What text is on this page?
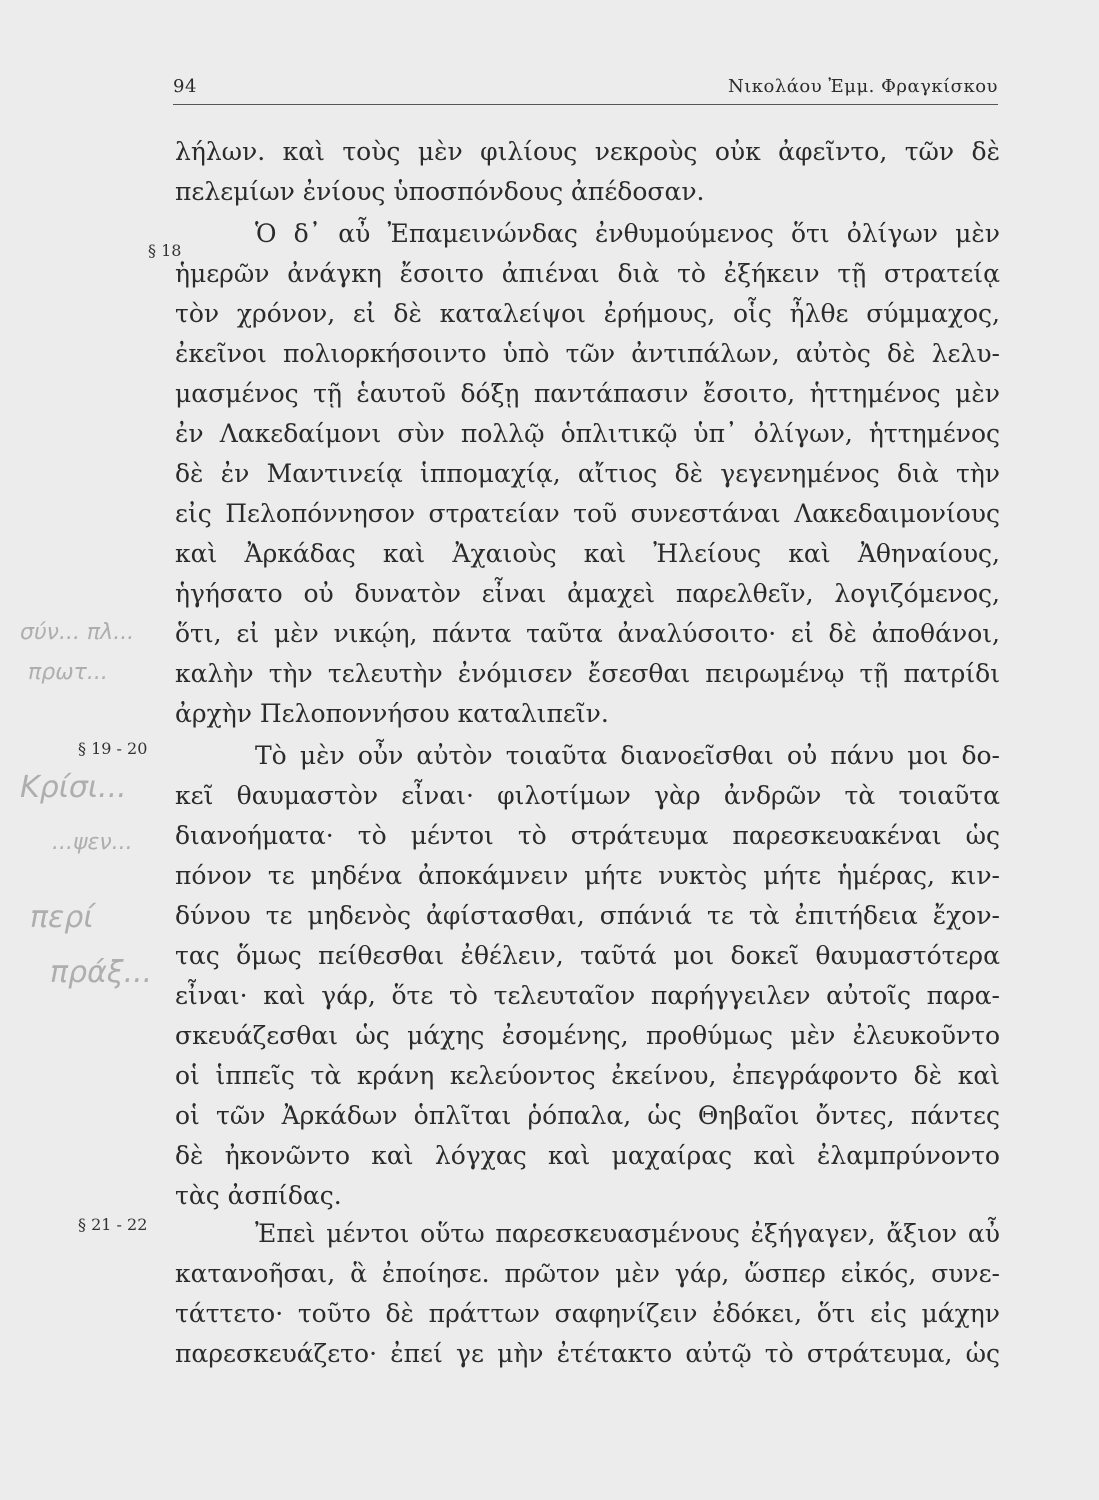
94	Νικολάου Ἐμμ. Φραγκίσκου
§ 18
§ 19 - 20
§ 21 - 22
σύν... πλ...
πρωτ...
Κρίσι...
...ψεν...
περί
πράξ...
λήλων. καὶ τοὺς μὲν φιλίους νεκροὺς οὐκ ἀφεῖντο, τῶν δὲ
πελεμίων ἐνίους ὑποσπόνδους ἀπέδοσαν.
Ὁ δ᾽ αὖ Ἐπαμεινώνδας ἐνθυμούμενος ὅτι ὀλίγων μὲν
ἡμερῶν ἀνάγκη ἔσοιτο ἀπιέναι διὰ τὸ ἐξήκειν τῇ στρατείᾳ
τὸν χρόνον, εἰ δὲ καταλείψοι ἐρήμους, οἷς ἦλθε σύμμαχος,
ἐκεῖνοι πολιορκήσοιντο ὑπὸ τῶν ἀντιπάλων, αὐτὸς δὲ λελυ-
μασμένος τῇ ἑαυτοῦ δόξῃ παντάπασιν ἔσοιτο, ἡττημένος μὲν
ἐν Λακεδαίμονι σὺν πολλῷ ὁπλιτικῷ ὑπ᾽ ὀλίγων, ἡττημένος
δὲ ἐν Μαντινείᾳ ἱππομαχίᾳ, αἴτιος δὲ γεγενημένος διὰ τὴν
εἰς Πελοπόννησον στρατείαν τοῦ συνεστάναι Λακεδαιμονίους
καὶ Ἀρκάδας καὶ Ἀχαιοὺς καὶ Ἠλείους καὶ Ἀθηναίους,
ἡγήσατο οὐ δυνατὸν εἶναι ἀμαχεὶ παρελθεῖν, λογιζόμενος,
ὅτι, εἰ μὲν νικῴη, πάντα ταῦτα ἀναλύσοιτο· εἰ δὲ ἀποθάνοι,
καλὴν τὴν τελευτὴν ἐνόμισεν ἔσεσθαι πειρωμένῳ τῇ πατρίδι
ἀρχὴν Πελοποννήσου καταλιπεῖν.
Τὸ μὲν οὖν αὐτὸν τοιαῦτα διανοεῖσθαι οὐ πάνυ μοι δο-
κεῖ θαυμαστὸν εἶναι· φιλοτίμων γὰρ ἀνδρῶν τὰ τοιαῦτα
διανοήματα· τὸ μέντοι τὸ στράτευμα παρεσκευακέναι ὡς
πόνον τε μηδένα ἀποκάμνειν μήτε νυκτὸς μήτε ἡμέρας, κιν-
δύνου τε μηδενὸς ἀφίστασθαι, σπάνιά τε τὰ ἐπιτήδεια ἔχον-
τας ὅμως πείθεσθαι ἐθέλειν, ταῦτά μοι δοκεῖ θαυμαστότερα
εἶναι· καὶ γάρ, ὅτε τὸ τελευταῖον παρήγγειλεν αὐτοῖς παρα-
σκευάζεσθαι ὡς μάχης ἐσομένης, προθύμως μὲν ἐλευκοῦντο
οἱ ἱππεῖς τὰ κράνη κελεύοντος ἐκείνου, ἐπεγράφοντο δὲ καὶ
οἱ τῶν Ἀρκάδων ὁπλῖται ῥόπαλα, ὡς Θηβαῖοι ὄντες, πάντες
δὲ ἠκονῶντο καὶ λόγχας καὶ μαχαίρας καὶ ἐλαμπρύνοντο
τὰς ἀσπίδας.
Ἐπεὶ μέντοι οὕτω παρεσκευασμένους ἐξήγαγεν, ἄξιον αὖ
κατανοῆσαι, ἃ ἐποίησε. πρῶτον μὲν γάρ, ὥσπερ εἰκός, συνε-
τάττετο· τοῦτο δὲ πράττων σαφηνίζειν ἐδόκει, ὅτι εἰς μάχην
παρεσκευάζετο· ἐπεί γε μὴν ἐτέτακτο αὐτῷ τὸ στράτευμα, ὡς
